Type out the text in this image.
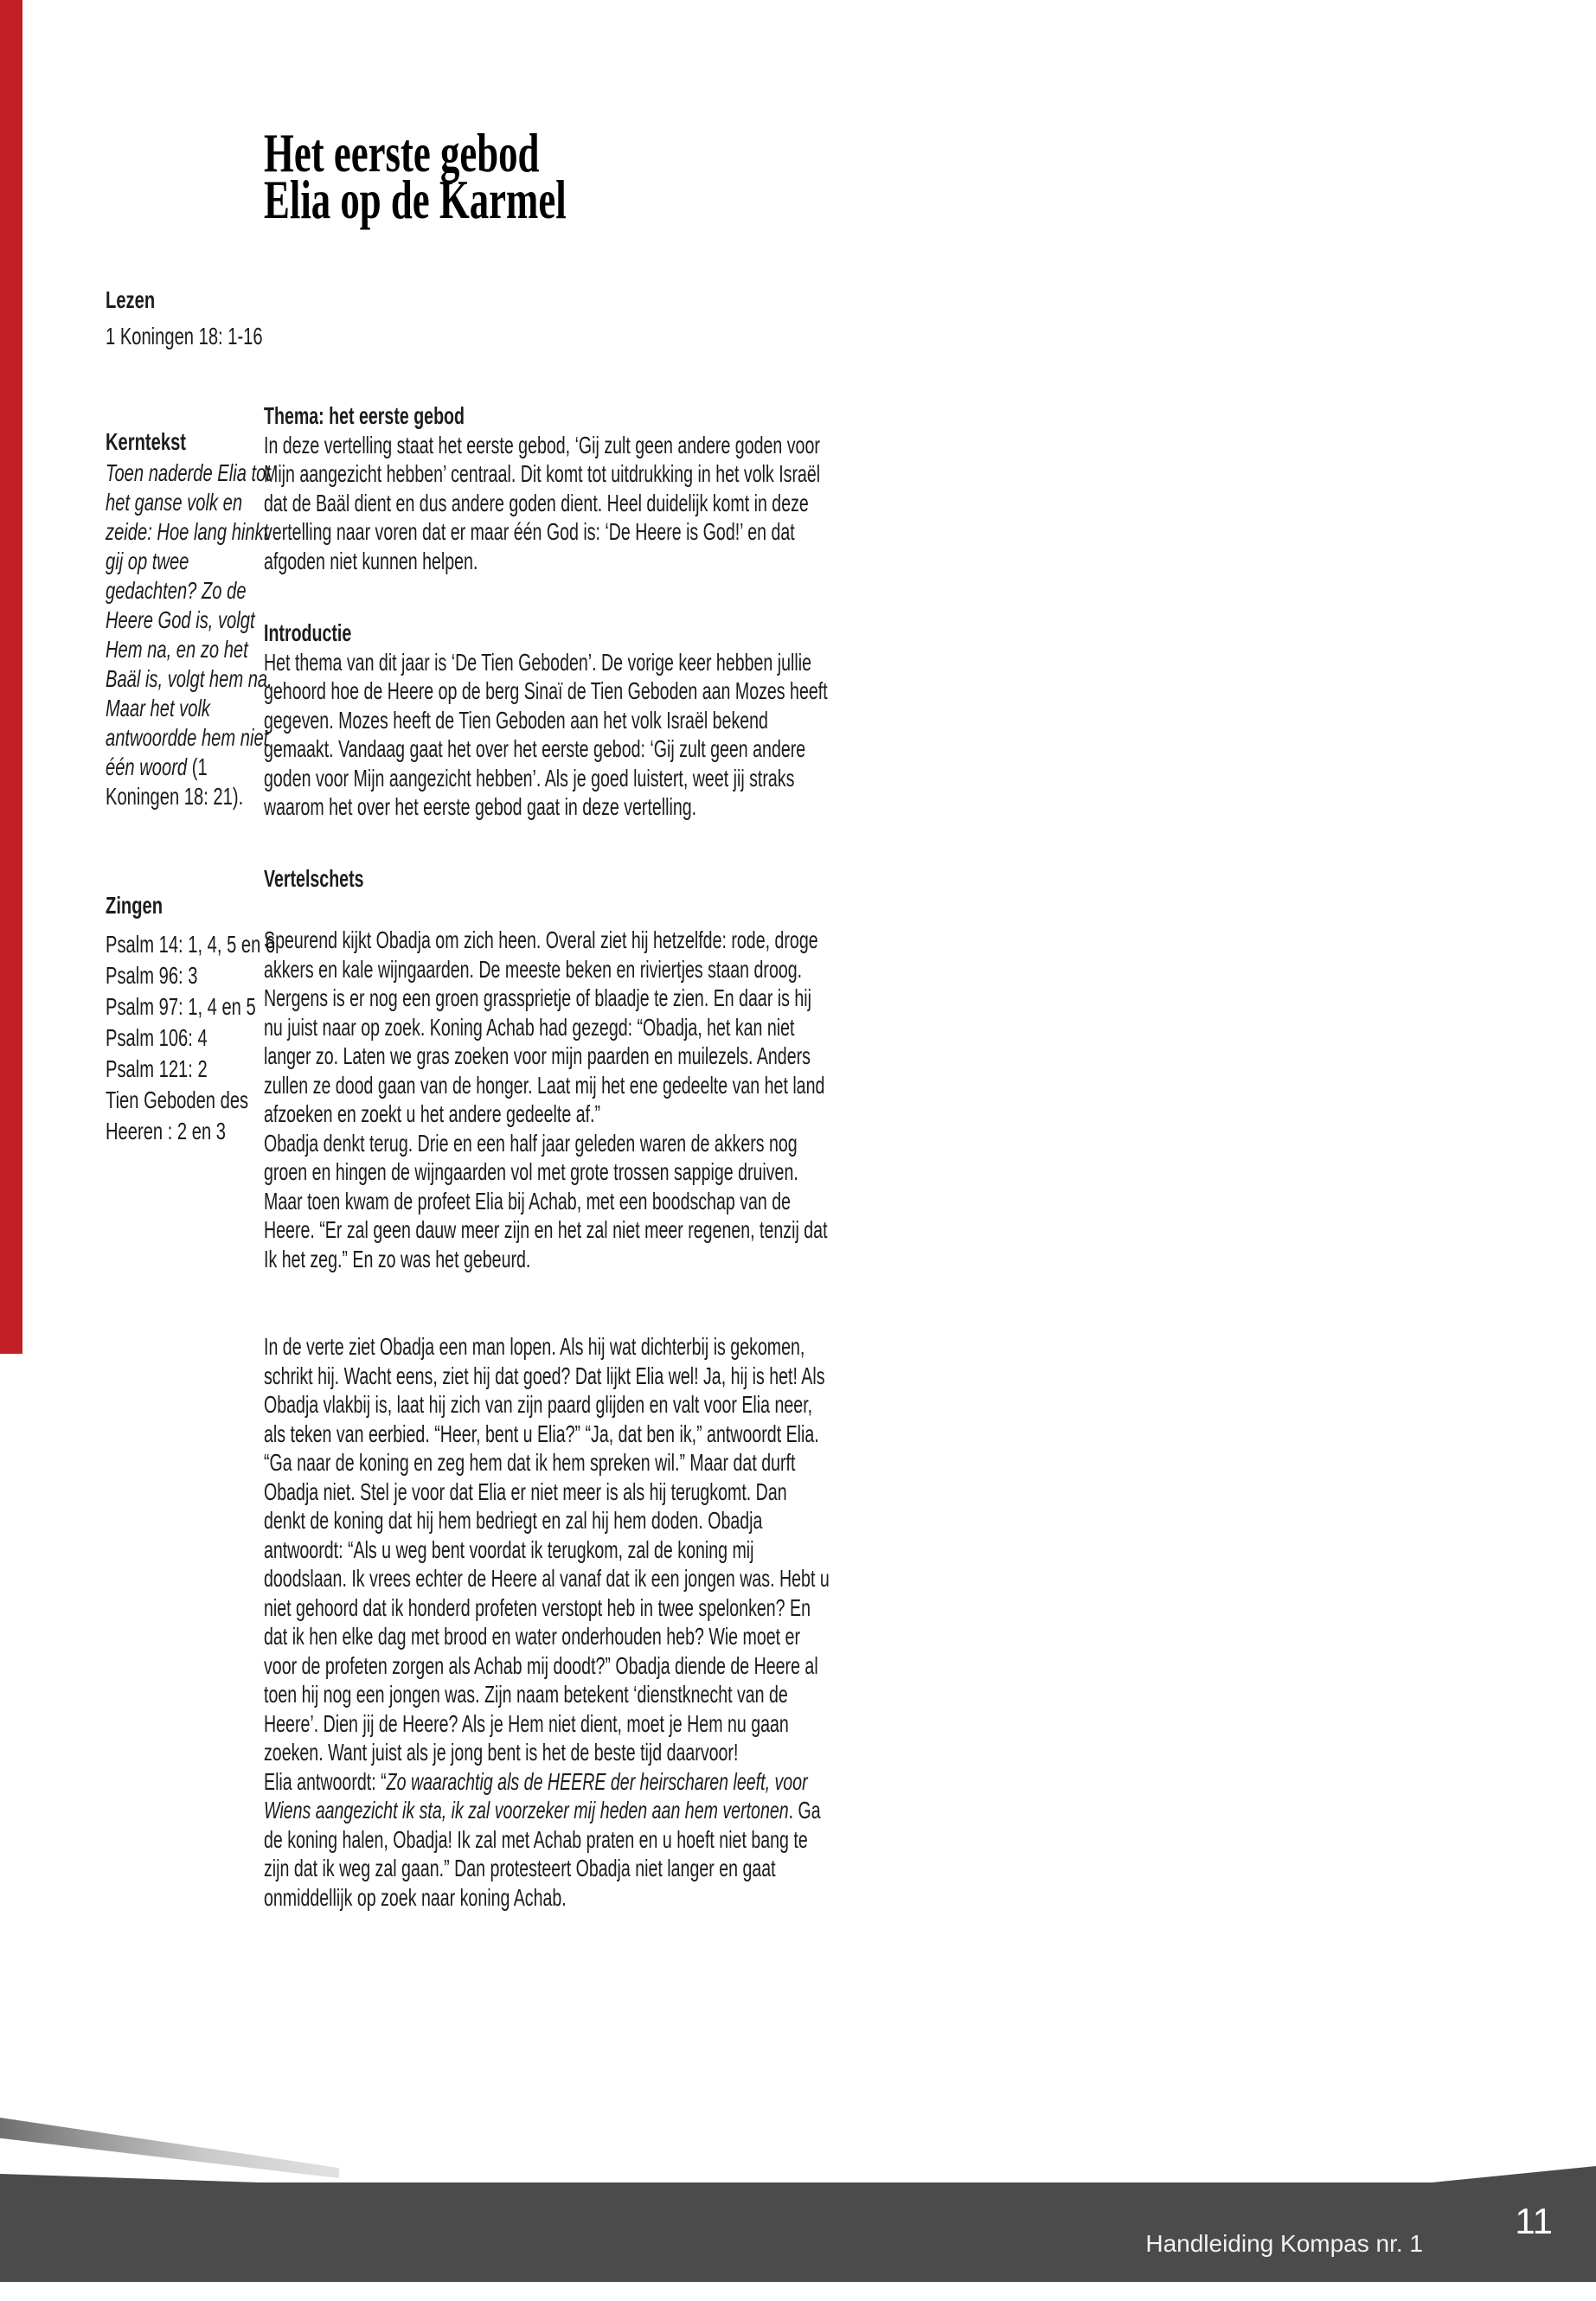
Lezen

1 Koningen 18: 1-16

Kerntekst

Toen naderde Elia tot het ganse volk en zeide: Hoe lang hinkt gij op twee gedachten? Zo de Heere God is, volgt Hem na, en zo het Baäl is, volgt hem na. Maar het volk antwoordde hem niet één woord (1 Koningen 18: 21).

Zingen

Psalm 14: 1, 4, 5 en 6
Psalm 96: 3
Psalm 97: 1, 4 en 5
Psalm 106: 4
Psalm 121: 2
Tien Geboden des Heeren : 2 en 3
Het eerste gebod
Elia op de Karmel

Thema: het eerste gebod

In deze vertelling staat het eerste gebod, ‘Gij zult geen andere goden voor Mijn aangezicht hebben’ centraal. Dit komt tot uitdrukking in het volk Israël dat de Baäl dient en dus andere goden dient. Heel duidelijk komt in deze vertelling naar voren dat er maar één God is: ‘De Heere is God!’ en dat afgoden niet kunnen helpen.

Introductie

Het thema van dit jaar is ‘De Tien Geboden’. De vorige keer hebben jullie gehoord hoe de Heere op de berg Sinaï de Tien Geboden aan Mozes heeft gegeven. Mozes heeft de Tien Geboden aan het volk Israël bekend gemaakt. Vandaag gaat het over het eerste gebod: ‘Gij zult geen andere goden voor Mijn aangezicht hebben’. Als je goed luistert, weet jij straks waarom het over het eerste gebod gaat in deze vertelling.

Vertelschets

Speurend kijkt Obadja om zich heen. Overal ziet hij hetzelfde: rode, droge akkers en kale wijngaarden. De meeste beken en riviertjes staan droog. Nergens is er nog een groen grassprietje of blaadje te zien. En daar is hij nu juist naar op zoek. Koning Achab had gezegd: “Obadja, het kan niet langer zo. Laten we gras zoeken voor mijn paarden en muilezels. Anders zullen ze dood gaan van de honger. Laat mij het ene gedeelte van het land afzoeken en zoekt u het andere gedeelte af.”

Obadja denkt terug. Drie en een half jaar geleden waren de akkers nog groen en hingen de wijngaarden vol met grote trossen sappige druiven. Maar toen kwam de profeet Elia bij Achab, met een boodschap van de Heere. “Er zal geen dauw meer zijn en het zal niet meer regenen, tenzij dat Ik het zeg.” En zo was het gebeurd.

In de verte ziet Obadja een man lopen. Als hij wat dichterbij is gekomen, schrikt hij. Wacht eens, ziet hij dat goed? Dat lijkt Elia wel! Ja, hij is het! Als Obadja vlakbij is, laat hij zich van zijn paard glijden en valt voor Elia neer, als teken van eerbied. “Heer, bent u Elia?” “Ja, dat ben ik,” antwoordt Elia. “Ga naar de koning en zeg hem dat ik hem spreken wil.” Maar dat durft Obadja niet. Stel je voor dat Elia er niet meer is als hij terugkomt. Dan denkt de koning dat hij hem bedriegt en zal hij hem doden. Obadja antwoordt: “Als u weg bent voordat ik terugkom, zal de koning mij doodslaan. Ik vrees echter de Heere al vanaf dat ik een jongen was. Hebt u niet gehoord dat ik honderd profeten verstopt heb in twee spelonken? En dat ik hen elke dag met brood en water onderhouden heb? Wie moet er voor de profeten zorgen als Achab mij doodt?” Obadja diende de Heere al toen hij nog een jongen was. Zijn naam betekent ‘dienstknecht van de Heere’. Dien jij de Heere? Als je Hem niet dient, moet je Hem nu gaan zoeken. Want juist als je jong bent is het de beste tijd daarvoor!

Elia antwoordt: “Zo waarachtig als de HEERE der heirscharen leeft, voor Wiens aangezicht ik sta, ik zal voorzeker mij heden aan hem vertonen. Ga de koning halen, Obadja! Ik zal met Achab praten en u hoeft niet bang te zijn dat ik weg zal gaan.” Dan protesteert Obadja niet langer en gaat onmiddellijk op zoek naar koning Achab.

Handleiding Kompas nr. 1
11
